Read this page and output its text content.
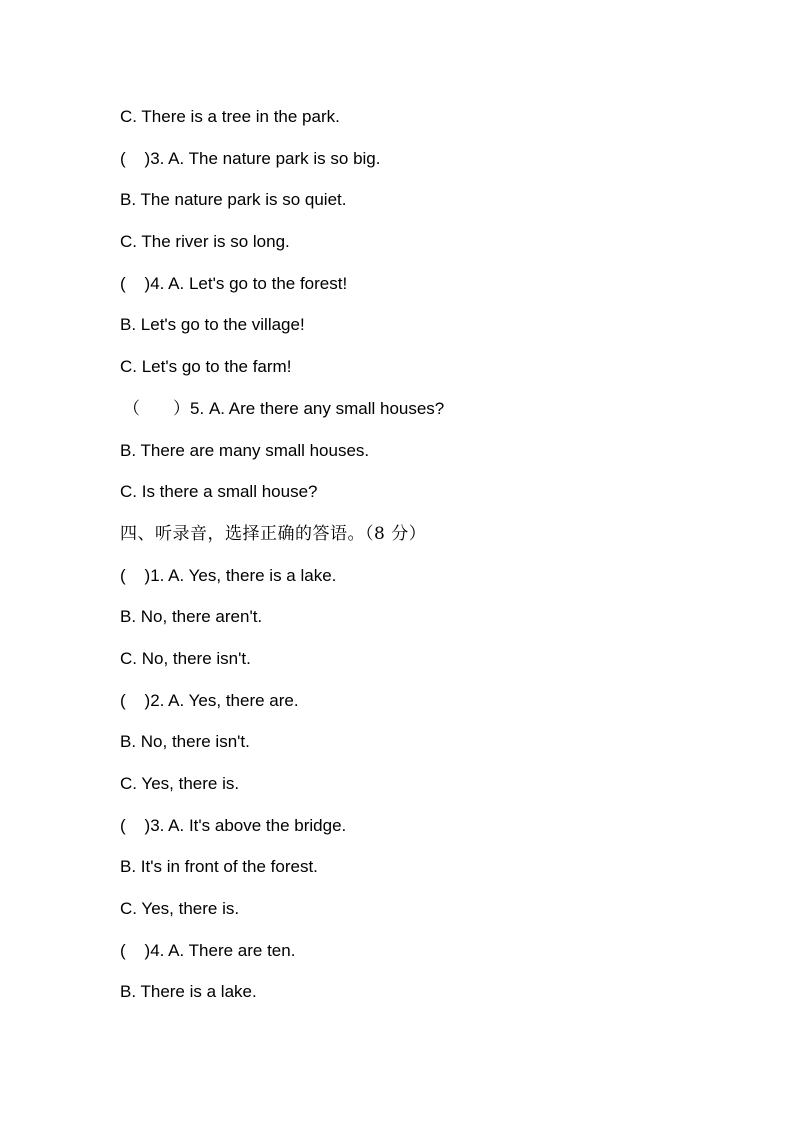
C. There is a tree in the park.
(    )3. A. The nature park is so big.
B. The nature park is so quiet.
C. The river is so long.
(    )4. A. Let's go to the forest!
B. Let's go to the village!
C. Let's go to the farm!
（       ）5. A. Are there any small houses?
B. There are many small houses.
C. Is there a small house?
四、听录音，选择正确的答语。（8 分）
(    )1. A. Yes, there is a lake.
B. No, there aren't.
C. No, there isn't.
(    )2. A. Yes, there are.
B. No, there isn't.
C. Yes, there is.
(    )3. A. It's above the bridge.
B. It's in front of the forest.
C. Yes, there is.
(    )4. A. There are ten.
B. There is a lake.
